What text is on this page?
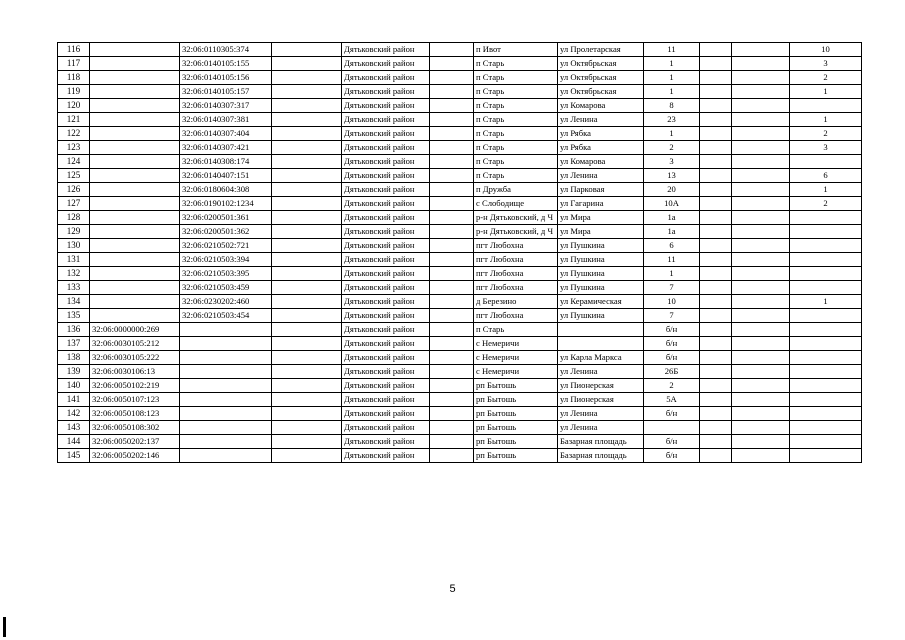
116		32:06:0110305:374		Дятьковский район		п Ивот	ул Пролетарская	11			10
117		32:06:0140105:155		Дятьковский район		п Старь	ул Октябрьская	1			3
118		32:06:0140105:156		Дятьковский район		п Старь	ул Октябрьская	1			2
119		32:06:0140105:157		Дятьковский район		п Старь	ул Октябрьская	1			1
120		32:06:0140307:317		Дятьковский район		п Старь	ул Комарова	8			
121		32:06:0140307:381		Дятьковский район		п Старь	ул Ленина	23			1
122		32:06:0140307:404		Дятьковский район		п Старь	ул Рябка	1			2
123		32:06:0140307:421		Дятьковский район		п Старь	ул Рябка	2			3
124		32:06:0140308:174		Дятьковский район		п Старь	ул Комарова	3			
125		32:06:0140407:151		Дятьковский район		п Старь	ул Ленина	13			6
126		32:06:0180604:308		Дятьковский район		п Дружба	ул Парковая	20			1
127		32:06:0190102:1234		Дятьковский район		с Слободище	ул Гагарина	10А			2
128		32:06:0200501:361		Дятьковский район		р-н Дятьковский, д Ч	ул Мира	1а			
129		32:06:0200501:362		Дятьковский район		р-н Дятьковский, д Ч	ул Мира	1а			
130		32:06:0210502:721		Дятьковский район		пгт Любохна	ул Пушкина	6			
131		32:06:0210503:394		Дятьковский район		пгт Любохна	ул Пушкина	11			
132		32:06:0210503:395		Дятьковский район		пгт Любохна	ул Пушкина	1			
133		32:06:0210503:459		Дятьковский район		пгт Любохна	ул Пушкина	7			
134		32:06:0230202:460		Дятьковский район		д Березино	ул Керамическая	10			1
135		32:06:0210503:454		Дятьковский район		пгт Любохна	ул Пушкина	7			
136	32:06:0000000:269			Дятьковский район		п Старь		б/н			
137	32:06:0030105:212			Дятьковский район		с Немеричи		б/н			
138	32:06:0030105:222			Дятьковский район		с Немеричи	ул Карла Маркса	б/н			
139	32:06:0030106:13			Дятьковский район		с Немеричи	ул Ленина	26Б			
140	32:06:0050102:219			Дятьковский район		рп Бытошь	ул Пионерская	2			
141	32:06:0050107:123			Дятьковский район		рп Бытошь	ул Пионерская	5А			
142	32:06:0050108:123			Дятьковский район		рп Бытошь	ул Ленина	б/н			
143	32:06:0050108:302			Дятьковский район		рп Бытошь	ул Ленина				
144	32:06:0050202:137			Дятьковский район		рп Бытошь	Базарная площадь	б/н			
145	32:06:0050202:146			Дятьковский район		рп Бытошь	Базарная площадь	б/н			
5
